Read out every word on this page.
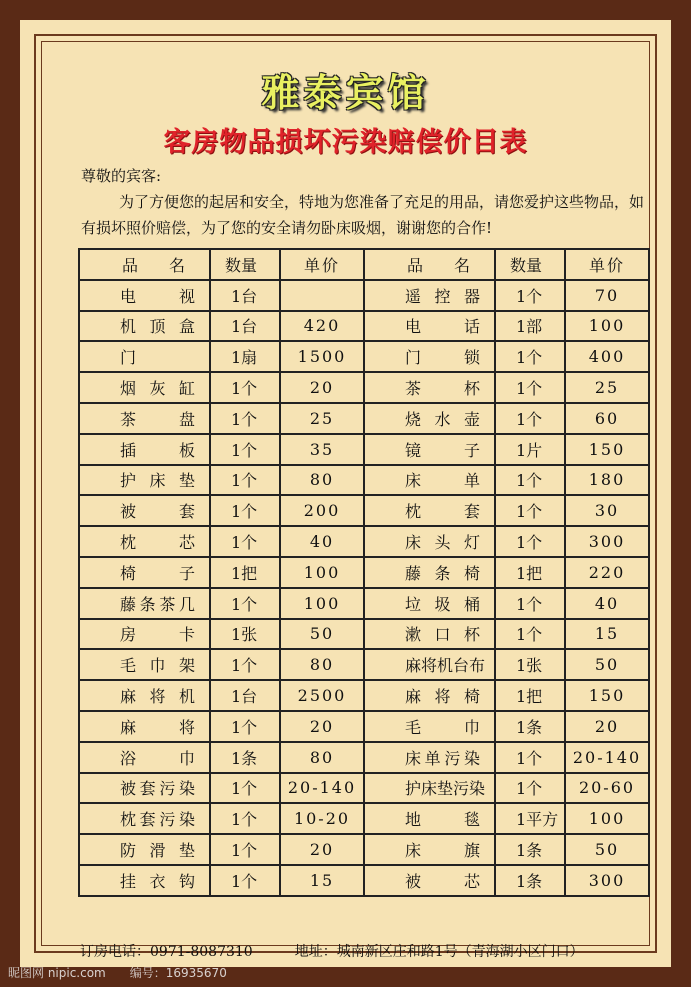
雅泰宾馆
客房物品损坏污染赔偿价目表

尊敬的宾客:

为了方便您的起居和安全，特地为您准备了充足的用品，请您爱护这些物品，如有损坏照价赔偿，为了您的安全请勿卧床吸烟，谢谢您的合作!

品　名	数量	单价	品　名	数量	单价
电视	1台		遥控器	1个	70
机顶盒	1台	420	电话	1部	100
门	1扇	1500	门锁	1个	400
烟灰缸	1个	20	茶杯	1个	25
茶盘	1个	25	烧水壶	1个	60
插板	1个	35	镜子	1片	150
护床垫	1个	80	床单	1个	180
被套	1个	200	枕套	1个	30
枕芯	1个	40	床头灯	1个	300
椅子	1把	100	藤条椅	1把	220
藤条茶几	1个	100	垃圾桶	1个	40
房卡	1张	50	漱口杯	1个	15
毛巾架	1个	80	麻将机台布	1张	50
麻将机	1台	2500	麻将椅	1把	150
麻将	1个	20	毛巾	1条	20
浴巾	1条	80	床单污染	1个	20-140
被套污染	1个	20-140	护床垫污染	1个	20-60
枕套污染	1个	10-20	地毯	1平方	100
防滑垫	1个	20	床旗	1条	50
挂衣钩	1个	15	被芯	1条	300
订房电话：0971-8087310	地址：城南新区庄和路1号（青海湖小区门口）
昵图网 nipic.com 编号：16935670
